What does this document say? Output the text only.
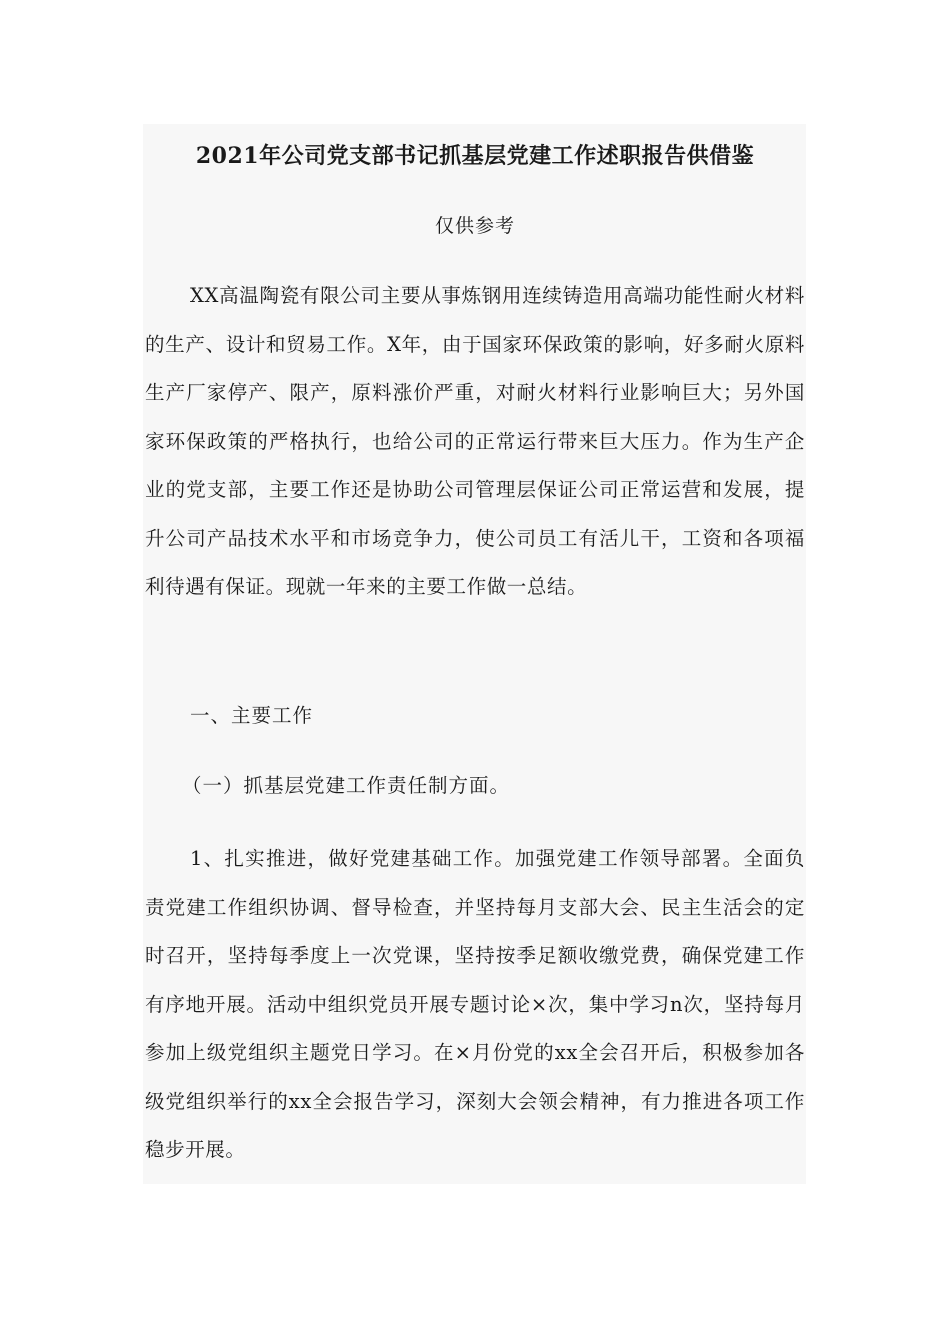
2021年公司党支部书记抓基层党建工作述职报告供借鉴

仅供参考

XX高温陶瓷有限公司主要从事炼钢用连续铸造用高端功能性耐火材料的生产、设计和贸易工作。X年，由于国家环保政策的影响，好多耐火原料生产厂家停产、限产，原料涨价严重，对耐火材料行业影响巨大；另外国家环保政策的严格执行，也给公司的正常运行带来巨大压力。作为生产企业的党支部，主要工作还是协助公司管理层保证公司正常运营和发展，提升公司产品技术水平和市场竞争力，使公司员工有活儿干，工资和各项福利待遇有保证。现就一年来的主要工作做一总结。

一、主要工作

（一）抓基层党建工作责任制方面。

1、扎实推进，做好党建基础工作。加强党建工作领导部署。全面负责党建工作组织协调、督导检查，并坚持每月支部大会、民主生活会的定时召开，坚持每季度上一次党课，坚持按季足额收缴党费，确保党建工作有序地开展。活动中组织党员开展专题讨论×次，集中学习n次，坚持每月参加上级党组织主题党日学习。在×月份党的xx全会召开后，积极参加各级党组织举行的xx全会报告学习，深刻大会领会精神，有力推进各项工作稳步开展。
